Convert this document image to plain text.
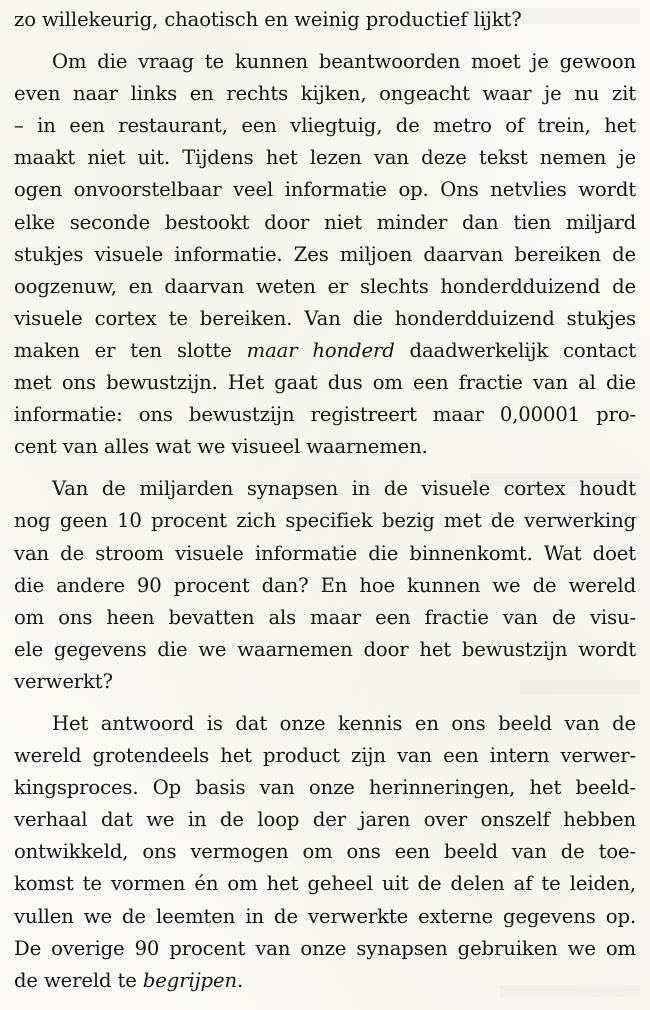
zo willekeurig, chaotisch en weinig productief lijkt?
Om die vraag te kunnen beantwoorden moet je gewoon
even naar links en rechts kijken, ongeacht waar je nu zit
– in een restaurant, een vliegtuig, de metro of trein, het
maakt niet uit. Tijdens het lezen van deze tekst nemen je
ogen onvoorstelbaar veel informatie op. Ons netvlies wordt
elke seconde bestookt door niet minder dan tien miljard
stukjes visuele informatie. Zes miljoen daarvan bereiken de
oogzenuw, en daarvan weten er slechts honderdduizend de
visuele cortex te bereiken. Van die honderdduizend stukjes
maken er ten slotte maar honderd daadwerkelijk contact
met ons bewustzijn. Het gaat dus om een fractie van al die
informatie: ons bewustzijn registreert maar 0,00001 pro-
cent van alles wat we visueel waarnemen.
Van de miljarden synapsen in de visuele cortex houdt
nog geen 10 procent zich specifiek bezig met de verwerking
van de stroom visuele informatie die binnenkomt. Wat doet
die andere 90 procent dan? En hoe kunnen we de wereld
om ons heen bevatten als maar een fractie van de visu-
ele gegevens die we waarnemen door het bewustzijn wordt
verwerkt?
Het antwoord is dat onze kennis en ons beeld van de
wereld grotendeels het product zijn van een intern verwer-
kingsproces. Op basis van onze herinneringen, het beeld-
verhaal dat we in de loop der jaren over onszelf hebben
ontwikkeld, ons vermogen om ons een beeld van de toe-
komst te vormen én om het geheel uit de delen af te leiden,
vullen we de leemten in de verwerkte externe gegevens op.
De overige 90 procent van onze synapsen gebruiken we om
de wereld te begrijpen.
